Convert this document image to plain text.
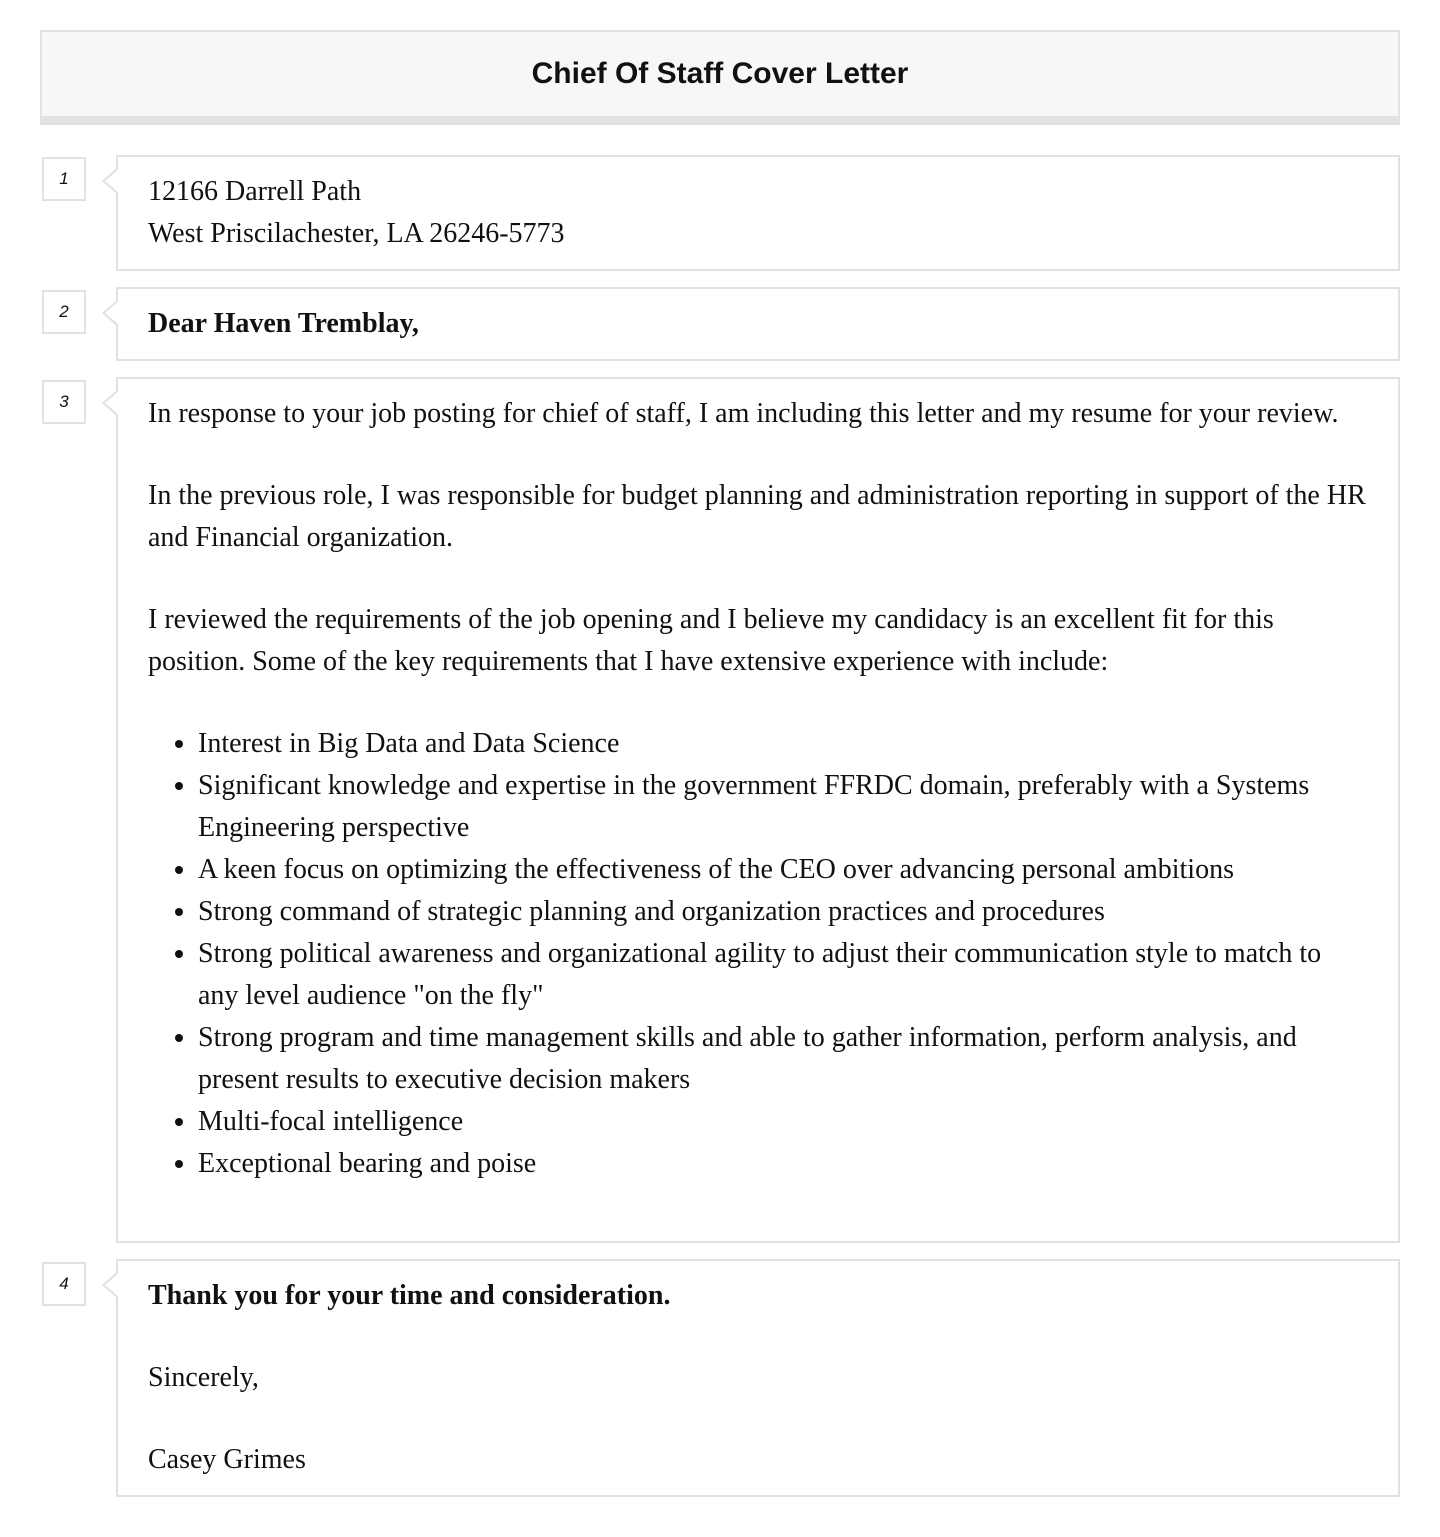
Chief Of Staff Cover Letter
1	12166 Darrell Path

West Priscilachester, LA 26246-5773

2	Dear Haven Tremblay,

3	In response to your job posting for chief of staff, I am including this letter and my resume for your review.

In the previous role, I was responsible for budget planning and administration reporting in support of the HR and Financial organization.

I reviewed the requirements of the job opening and I believe my candidacy is an excellent fit for this position. Some of the key requirements that I have extensive experience with include:

• Interest in Big Data and Data Science
• Significant knowledge and expertise in the government FFRDC domain, preferably with a Systems Engineering perspective
• A keen focus on optimizing the effectiveness of the CEO over advancing personal ambitions
• Strong command of strategic planning and organization practices and procedures
• Strong political awareness and organizational agility to adjust their communication style to match to any level audience "on the fly"
• Strong program and time management skills and able to gather information, perform analysis, and present results to executive decision makers
• Multi-focal intelligence
• Exceptional bearing and poise
4	Thank you for your time and consideration.

Sincerely,

Casey Grimes
